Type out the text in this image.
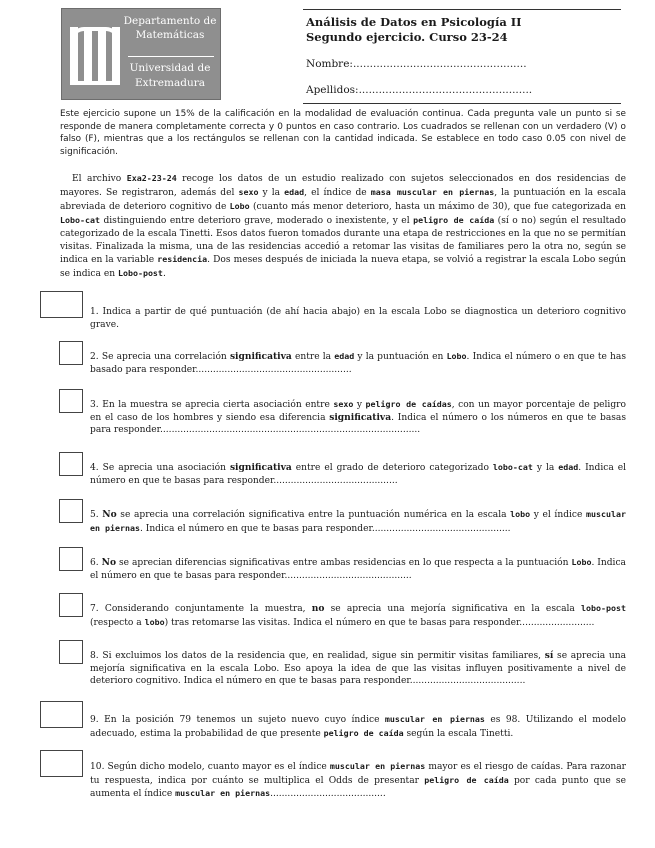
Departamento de
Matemáticas
Universidad de
Extremadura
Análisis de Datos en Psicología II
Segundo ejercicio. Curso 23-24
Nombre:....................................................
Apellidos:....................................................
Este ejercicio supone un 15% de la calificación en la modalidad de evaluación continua. Cada pregunta vale un punto si se responde de manera completamente correcta y 0 puntos en caso contrario. Los cuadrados se rellenan con un verdadero (V) o falso (F), mientras que a los rectángulos se rellenan con la cantidad indicada. Se establece en todo caso 0.05 con nivel de significación.
El archivo Exa2-23-24 recoge los datos de un estudio realizado con sujetos seleccionados en dos residencias de mayores. Se registraron, además del sexo y la edad, el índice de masa muscular en piernas, la puntuación en la escala abreviada de deterioro cognitivo de Lobo (cuanto más menor deterioro, hasta un máximo de 30), que fue categorizada en Lobo-cat distinguiendo entre deterioro grave, moderado o inexistente, y el peligro de caída (sí o no) según el resultado categorizado de la escala Tinetti. Esos datos fueron tomados durante una etapa de restricciones en la que no se permitían visitas. Finalizada la misma, una de las residencias accedió a retomar las visitas de familiares pero la otra no, según se indica en la variable residencia. Dos meses después de iniciada la nueva etapa, se volvió a registrar la escala Lobo según se indica en Lobo-post.
1. Indica a partir de qué puntuación (de ahí hacia abajo) en la escala Lobo se diagnostica un deterioro cognitivo grave.
2. Se aprecia una correlación significativa entre la edad y la puntuación en Lobo. Indica el número o en que te has basado para responder......................................................
3. En la muestra se aprecia cierta asociación entre sexo y peligro de caídas, con un mayor porcentaje de peligro en el caso de los hombres y siendo esa diferencia significativa. Indica el número o los números en que te basas para responder..........................................................................................
4. Se aprecia una asociación significativa entre el grado de deterioro categorizado lobo-cat y la edad. Indica el número en que te basas para responder...........................................
5. No se aprecia una correlación significativa entre la puntuación numérica en la escala lobo y el índice muscular en piernas. Indica el número en que te basas para responder................................................
6. No se aprecian diferencias significativas entre ambas residencias en lo que respecta a la puntuación Lobo. Indica el número en que te basas para responder............................................
7. Considerando conjuntamente la muestra, no se aprecia una mejoría significativa en la escala lobo-post (respecto a lobo) tras retomarse las visitas. Indica el número en que te basas para responder..........................
8. Si excluimos los datos de la residencia que, en realidad, sigue sin permitir visitas familiares, sí se aprecia una mejoría significativa en la escala Lobo. Eso apoya la idea de que las visitas influyen positivamente a nivel de deterioro cognitivo. Indica el número en que te basas para responder........................................
9. En la posición 79 tenemos un sujeto nuevo cuyo índice muscular en piernas es 98. Utilizando el modelo adecuado, estima la probabilidad de que presente peligro de caída según la escala Tinetti.
10. Según dicho modelo, cuanto mayor es el índice muscular en piernas mayor es el riesgo de caídas. Para razonar tu respuesta, indica por cuánto se multiplica el Odds de presentar peligro de caída por cada punto que se aumenta el índice muscular en piernas........................................
